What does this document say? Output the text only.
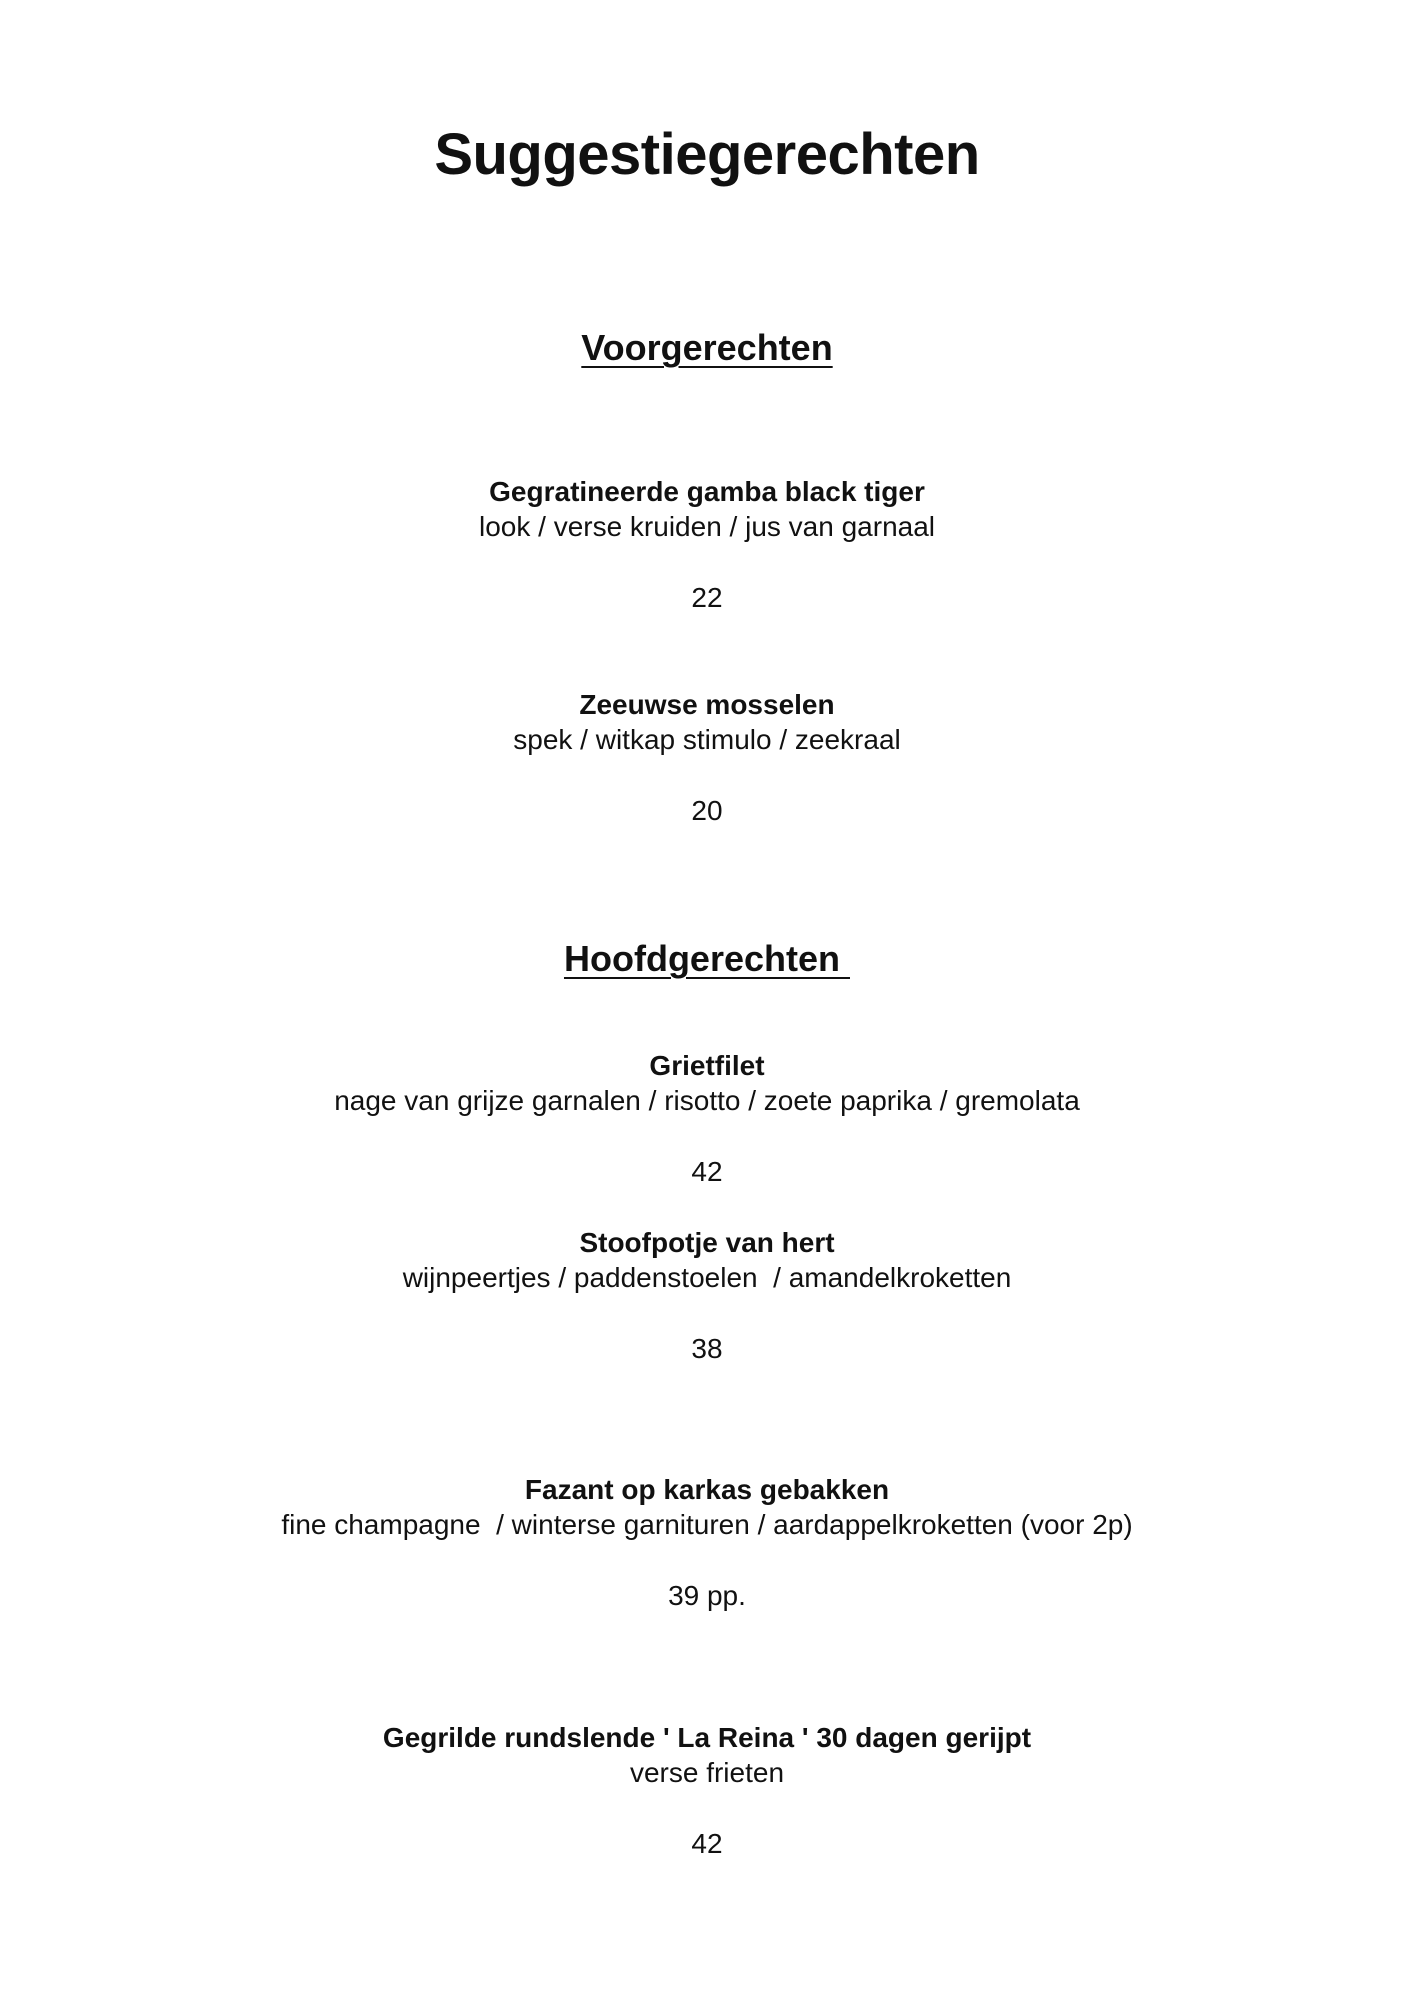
Suggestiegerechten
Voorgerechten
Gegratineerde gamba black tiger
look / verse kruiden / jus van garnaal
22
Zeeuwse mosselen
spek / witkap stimulo / zeekraal
20
Hoofdgerechten
Grietfilet
nage van grijze garnalen / risotto / zoete paprika / gremolata
42
Stoofpotje van hert
wijnpeertjes / paddenstoelen  / amandelkroketten
38
Fazant op karkas gebakken
fine champagne  / winterse garnituren / aardappelkroketten (voor 2p)
39 pp.
Gegrilde rundslende ' La Reina ' 30 dagen gerijpt
verse frieten
42
